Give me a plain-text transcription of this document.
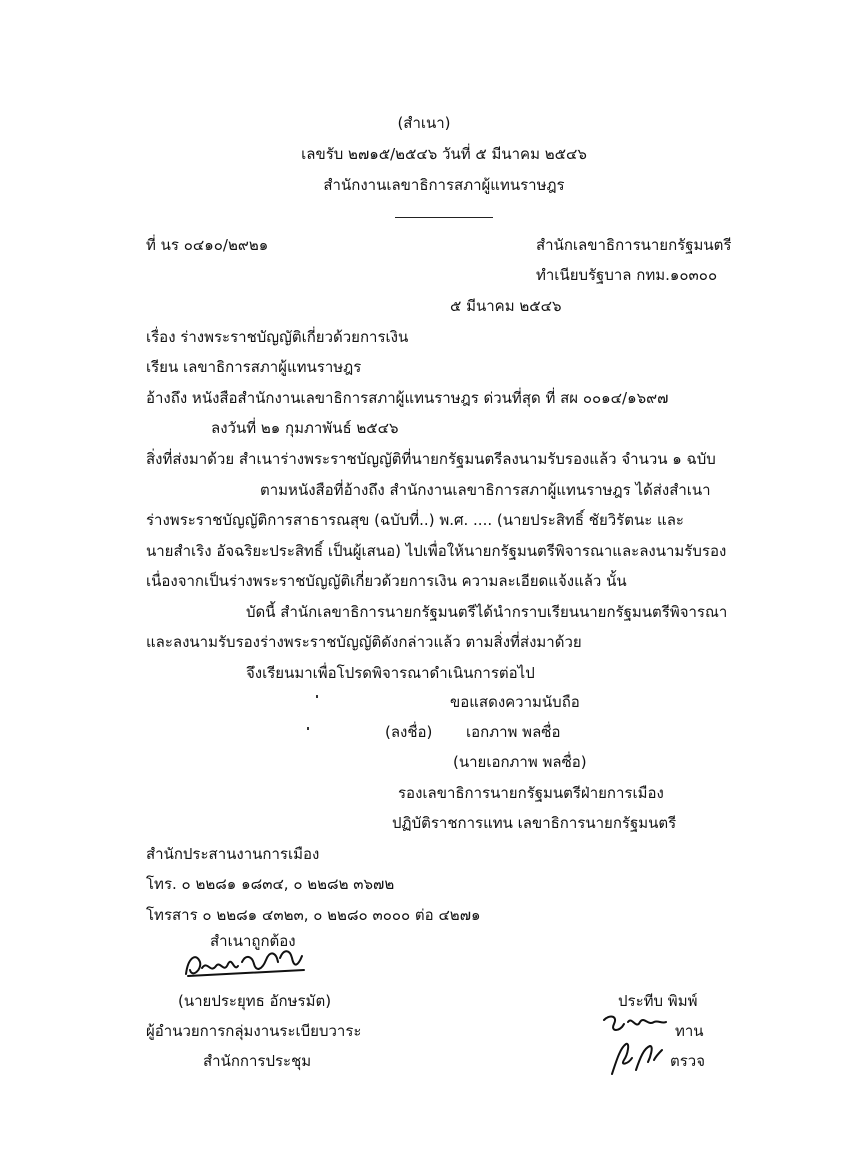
(สำเนา)
เลขรับ ๒๗๑๕/๒๕๔๖ วันที่ ๕ มีนาคม ๒๕๔๖
สำนักงานเลขาธิการสภาผู้แทนราษฎร
ที่ นร ๐๔๑๐/๒๙๒๑	สำนักเลขาธิการนายกรัฐมนตรี
ทำเนียบรัฐบาล กทม.๑๐๓๐๐
๕ มีนาคม ๒๕๔๖
เรื่อง ร่างพระราชบัญญัติเกี่ยวด้วยการเงิน
เรียน เลขาธิการสภาผู้แทนราษฎร
อ้างถึง หนังสือสำนักงานเลขาธิการสภาผู้แทนราษฎร ด่วนที่สุด ที่ สผ ๐๐๑๔/๑๖๙๗
ลงวันที่ ๒๑ กุมภาพันธ์ ๒๕๔๖
สิ่งที่ส่งมาด้วย สำเนาร่างพระราชบัญญัติที่นายกรัฐมนตรีลงนามรับรองแล้ว จำนวน ๑ ฉบับ
ตามหนังสือที่อ้างถึง สำนักงานเลขาธิการสภาผู้แทนราษฎร ได้ส่งสำเนา
ร่างพระราชบัญญัติการสาธารณสุข (ฉบับที่..) พ.ศ. .... (นายประสิทธิ์ ชัยวิรัตนะ และ
นายสำเริง อัจฉริยะประสิทธิ์ เป็นผู้เสนอ) ไปเพื่อให้นายกรัฐมนตรีพิจารณาและลงนามรับรอง
เนื่องจากเป็นร่างพระราชบัญญัติเกี่ยวด้วยการเงิน ความละเอียดแจ้งแล้ว นั้น
บัดนี้ สำนักเลขาธิการนายกรัฐมนตรีได้นำกราบเรียนนายกรัฐมนตรีพิจารณา
และลงนามรับรองร่างพระราชบัญญัติดังกล่าวแล้ว ตามสิ่งที่ส่งมาด้วย
จึงเรียนมาเพื่อโปรดพิจารณาดำเนินการต่อไป
ขอแสดงความนับถือ
(ลงชื่อ) เอกภาพ พลซื่อ
(นายเอกภาพ พลซื่อ)
รองเลขาธิการนายกรัฐมนตรีฝ่ายการเมือง
ปฏิบัติราชการแทน เลขาธิการนายกรัฐมนตรี
สำนักประสานงานการเมือง
โทร. ๐ ๒๒๘๑ ๑๘๓๔, ๐ ๒๒๘๒ ๓๖๗๒
โทรสาร ๐ ๒๒๘๑ ๔๓๒๓, ๐ ๒๒๘๐ ๓๐๐๐ ต่อ ๔๒๗๑
สำเนาถูกต้อง
(นายประยุทธ อักษรมัต)
ผู้อำนวยการกลุ่มงานระเบียบวาระ
สำนักการประชุม
ประทีบ พิมพ์
ทาน
ตรวจ
